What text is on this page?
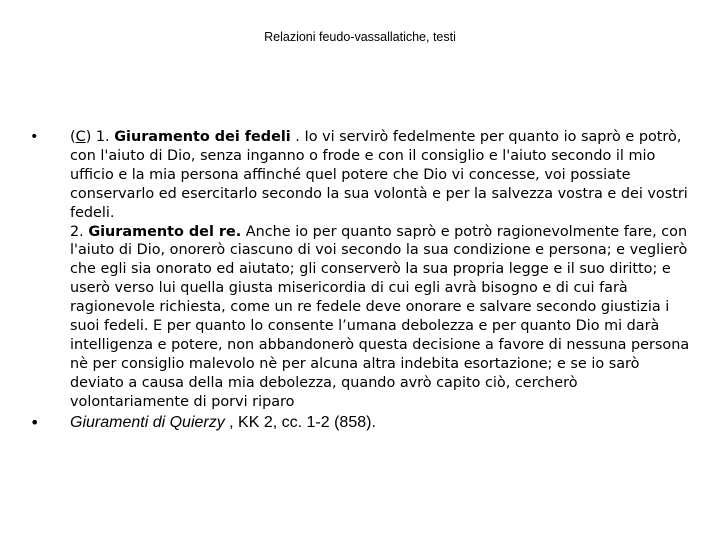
Relazioni feudo-vassallatiche, testi
• (C) 1. Giuramento dei fedeli . Io vi servirò fedelmente per quanto io saprò e potrò, con l'aiuto di Dio, senza inganno o frode e con il consiglio e l'aiuto secondo il mio ufficio e la mia persona affinché quel potere che Dio vi concesse, voi possiate conservarlo ed esercitarlo secondo la sua volontà e per la salvezza vostra e dei vostri fedeli.
2. Giuramento del re. Anche io per quanto saprò e potrò ragionevolmente fare, con l'aiuto di Dio, onorerò ciascuno di voi secondo la sua condizione e persona; e veglierò che egli sia onorato ed aiutato; gli conserverò la sua propria legge e il suo diritto; e userò verso lui quella giusta misericordia di cui egli avrà bisogno e di cui farà ragionevole richiesta, come un re fedele deve onorare e salvare secondo giustizia i suoi fedeli. E per quanto lo consente l’umana debolezza e per quanto Dio mi darà intelligenza e potere, non abbandonerò questa decisione a favore di nessuna persona nè per consiglio malevolo nè per alcuna altra indebita esortazione; e se io sarò deviato a causa della mia debolezza, quando avrò capito ciò, cercherò volontariamente di porvi riparo
• Giuramenti di Quierzy , KK 2, cc. 1-2 (858).
